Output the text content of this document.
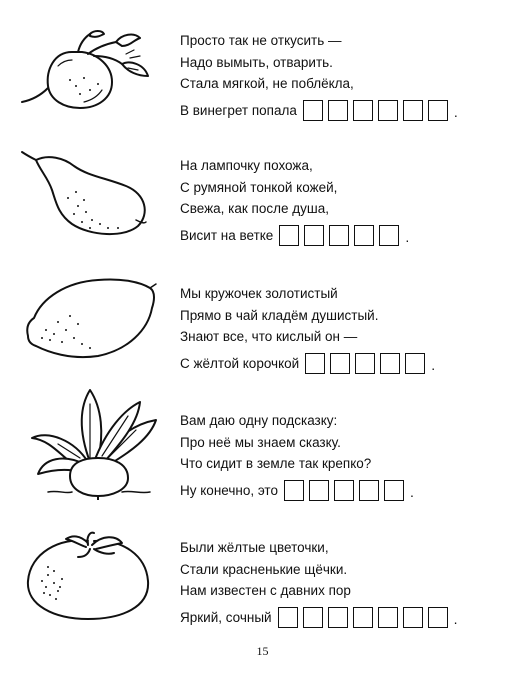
Просто так не откусить —
Надо вымыть, отварить.
Стала мягкой, не поблёкла,
В винегрет попала	.
На лампочку похожа,
С румяной тонкой кожей,
Свежа, как после душа,
Висит на ветке	.
Мы кружочек золотистый
Прямо в чай кладём душистый.
Знают все, что кислый он —
С жёлтой корочкой	.
Вам даю одну подсказку:
Про неё мы знаем сказку.
Что сидит в земле так крепко?
Ну конечно, это	.
Были жёлтые цветочки,
Стали красненькие щёчки.
Нам известен с давних пор
Яркий, сочный	.
15
